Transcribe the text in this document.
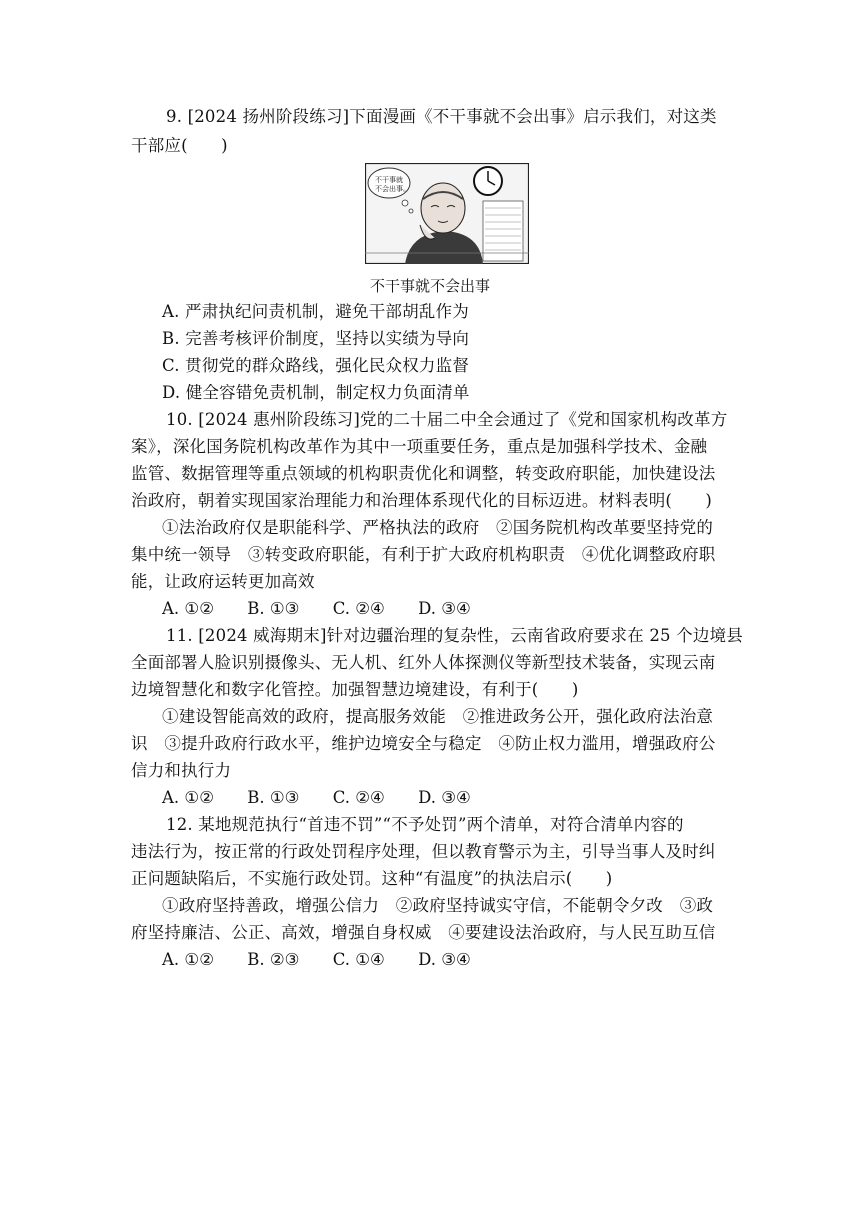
9. [2024 扬州阶段练习]下面漫画《不干事就不会出事》启示我们，对这类
干部应(　　)
不干事就
不会出事。
不干事就不会出事
A. 严肃执纪问责机制，避免干部胡乱作为
B. 完善考核评价制度，坚持以实绩为导向
C. 贯彻党的群众路线，强化民众权力监督
D. 健全容错免责机制，制定权力负面清单
10. [2024 惠州阶段练习]党的二十届二中全会通过了《党和国家机构改革方
案》，深化国务院机构改革作为其中一项重要任务，重点是加强科学技术、金融
监管、数据管理等重点领域的机构职责优化和调整，转变政府职能，加快建设法
治政府，朝着实现国家治理能力和治理体系现代化的目标迈进。材料表明(　　)
①法治政府仅是职能科学、严格执法的政府　②国务院机构改革要坚持党的
集中统一领导　③转变政府职能，有利于扩大政府机构职责　④优化调整政府职
能，让政府运转更加高效
A. ①② B. ①③ C. ②④ D. ③④
11. [2024 威海期末]针对边疆治理的复杂性，云南省政府要求在 25 个边境县
全面部署人脸识别摄像头、无人机、红外人体探测仪等新型技术装备，实现云南
边境智慧化和数字化管控。加强智慧边境建设，有利于(　　)
①建设智能高效的政府，提高服务效能　②推进政务公开，强化政府法治意
识　③提升政府行政水平，维护边境安全与稳定　④防止权力滥用，增强政府公
信力和执行力
A. ①② B. ①③ C. ②④ D. ③④
12. 某地规范执行“首违不罚”“不予处罚”两个清单，对符合清单内容的
违法行为，按正常的行政处罚程序处理，但以教育警示为主，引导当事人及时纠
正问题缺陷后，不实施行政处罚。这种“有温度”的执法启示(　　)
①政府坚持善政，增强公信力　②政府坚持诚实守信，不能朝令夕改　③政
府坚持廉洁、公正、高效，增强自身权威　④要建设法治政府，与人民互助互信
A. ①② B. ②③ C. ①④ D. ③④
